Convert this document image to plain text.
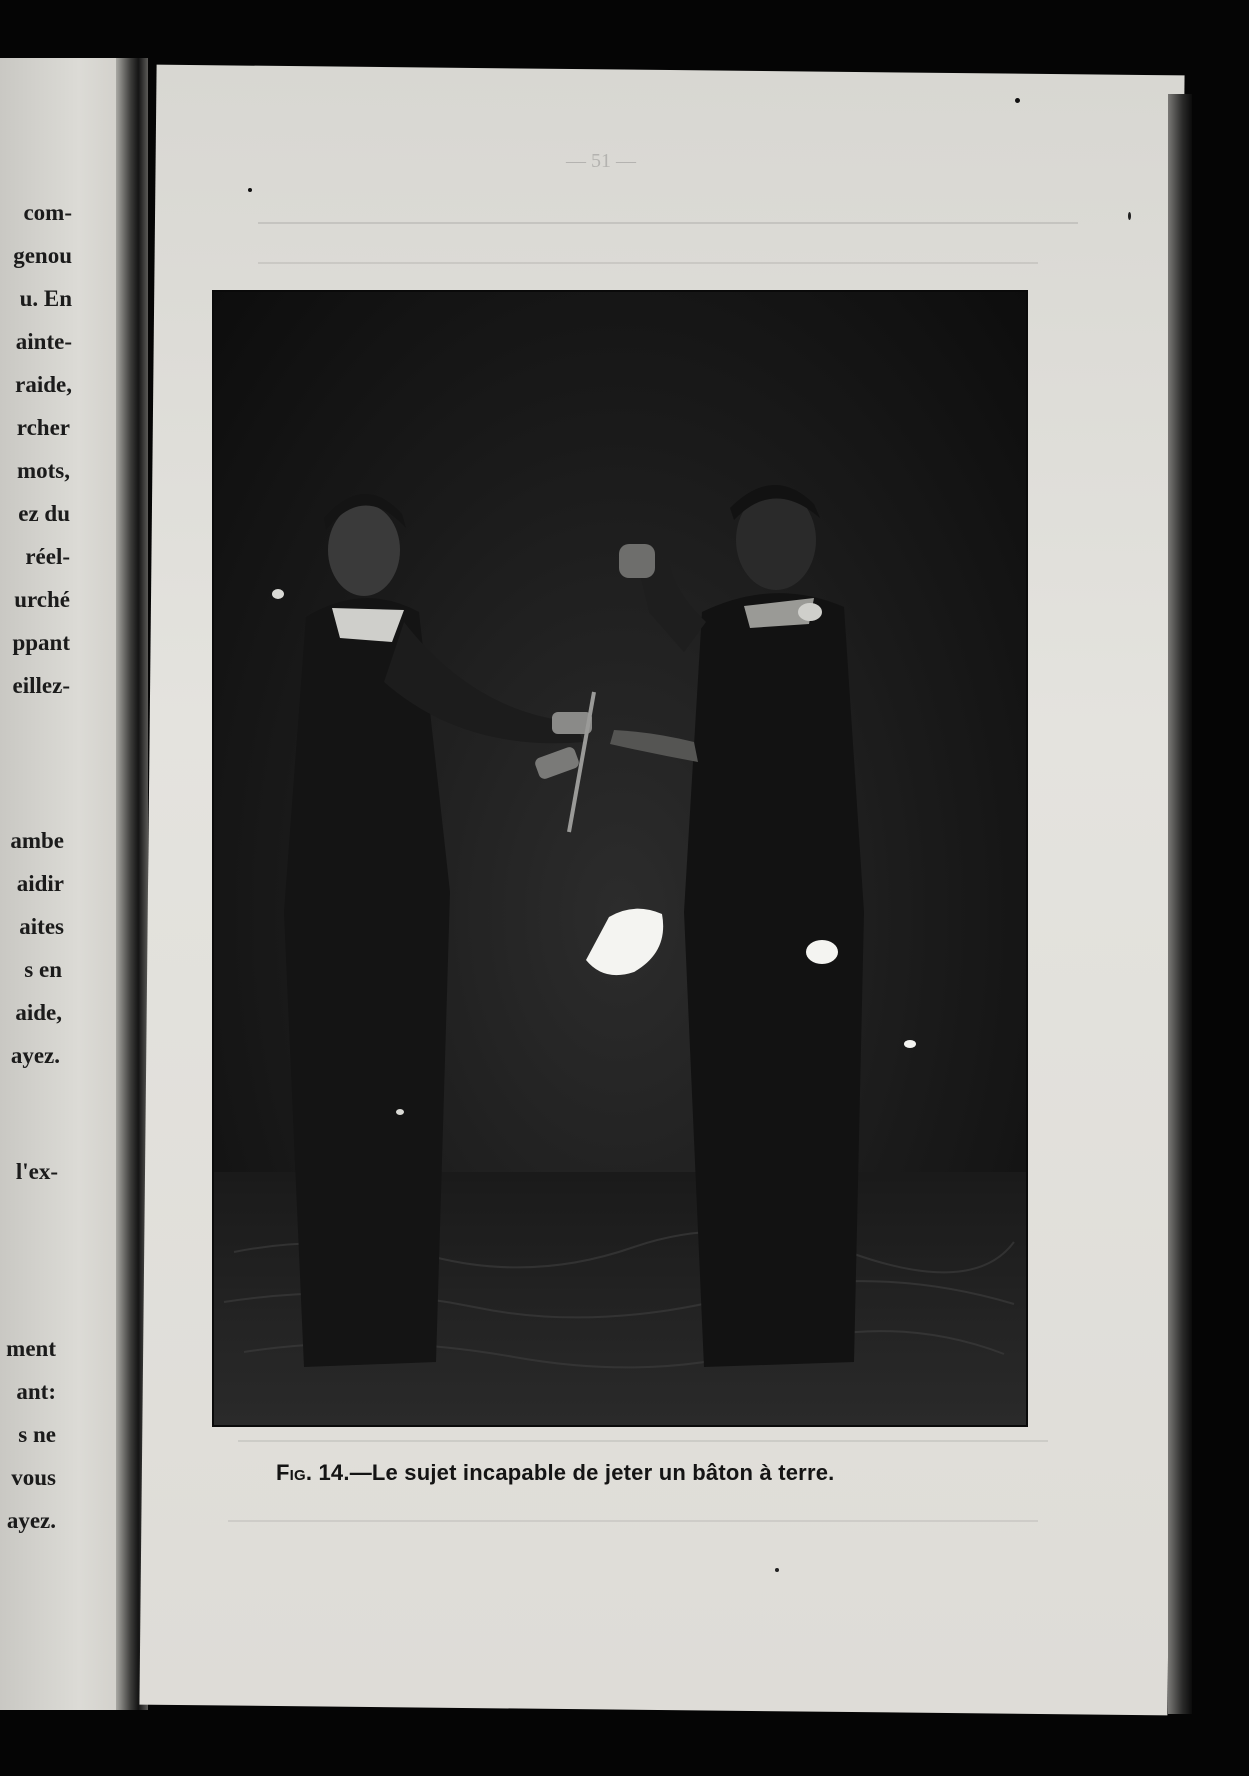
com-
genou
u. En
ainte-
raide,
rcher
mots,
ez du
réel-
urché
ppant
eillez-
ambe
aidir
aites
s en
aide,
ayez.
l'ex-
ment
ant:
s ne
vous
ayez.
— 51 —
Fig. 14.—Le sujet incapable de jeter un bâton à terre.
